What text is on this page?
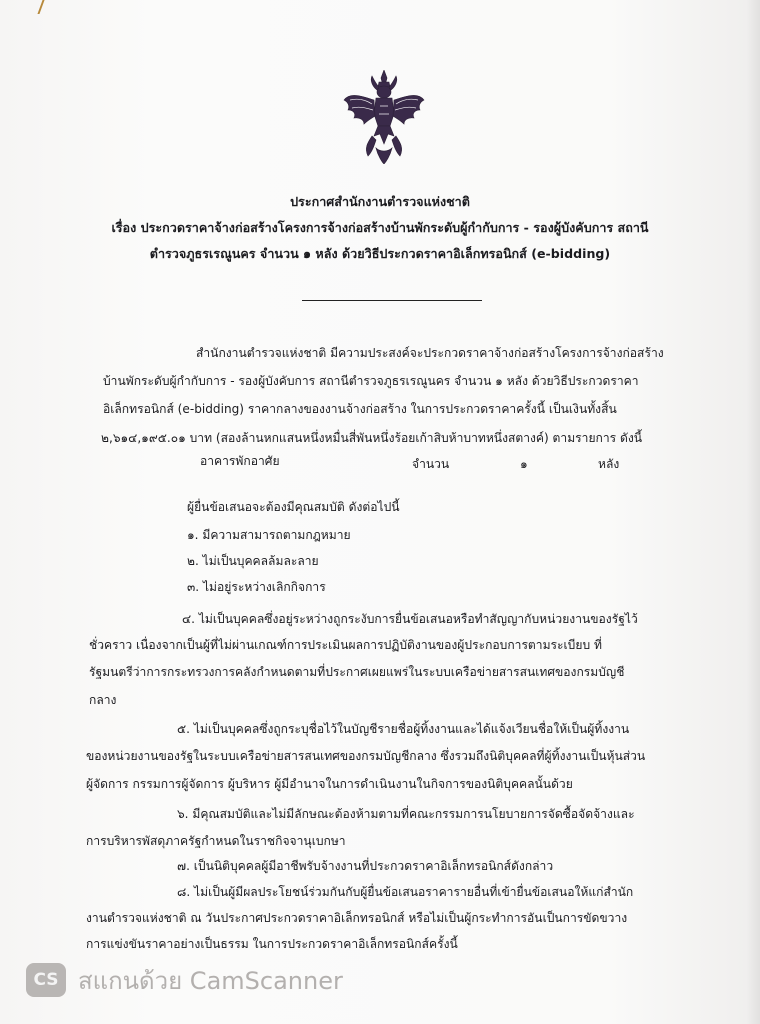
ประกาศสำนักงานตำรวจแห่งชาติ
เรื่อง ประกวดราคาจ้างก่อสร้างโครงการจ้างก่อสร้างบ้านพักระดับผู้กำกับการ - รองผู้บังคับการ สถานี
ตำรวจภูธรเรณูนคร จำนวน ๑ หลัง ด้วยวิธีประกวดราคาอิเล็กทรอนิกส์ (e-bidding)
สำนักงานตำรวจแห่งชาติ มีความประสงค์จะประกวดราคาจ้างก่อสร้างโครงการจ้างก่อสร้าง
บ้านพักระดับผู้กำกับการ - รองผู้บังคับการ สถานีตำรวจภูธรเรณูนคร จำนวน ๑ หลัง ด้วยวิธีประกวดราคา
อิเล็กทรอนิกส์ (e-bidding) ราคากลางของงานจ้างก่อสร้าง ในการประกวดราคาครั้งนี้ เป็นเงินทั้งสิ้น
๒,๖๑๔,๑๙๕.๐๑ บาท (สองล้านหกแสนหนึ่งหมื่นสี่พันหนึ่งร้อยเก้าสิบห้าบาทหนึ่งสตางค์) ตามรายการ ดังนี้
อาคารพักอาศัย	จำนวน	๑	หลัง
ผู้ยื่นข้อเสนอจะต้องมีคุณสมบัติ ดังต่อไปนี้
๑. มีความสามารถตามกฎหมาย
๒. ไม่เป็นบุคคลล้มละลาย
๓. ไม่อยู่ระหว่างเลิกกิจการ
๔. ไม่เป็นบุคคลซึ่งอยู่ระหว่างถูกระงับการยื่นข้อเสนอหรือทำสัญญากับหน่วยงานของรัฐไว้
ชั่วคราว เนื่องจากเป็นผู้ที่ไม่ผ่านเกณฑ์การประเมินผลการปฏิบัติงานของผู้ประกอบการตามระเบียบ ที่
รัฐมนตรีว่าการกระทรวงการคลังกำหนดตามที่ประกาศเผยแพร่ในระบบเครือข่ายสารสนเทศของกรมบัญชี
กลาง
๕. ไม่เป็นบุคคลซึ่งถูกระบุชื่อไว้ในบัญชีรายชื่อผู้ทิ้งงานและได้แจ้งเวียนชื่อให้เป็นผู้ทิ้งงาน
ของหน่วยงานของรัฐในระบบเครือข่ายสารสนเทศของกรมบัญชีกลาง ซึ่งรวมถึงนิติบุคคลที่ผู้ทิ้งงานเป็นหุ้นส่วน
ผู้จัดการ กรรมการผู้จัดการ ผู้บริหาร ผู้มีอำนาจในการดำเนินงานในกิจการของนิติบุคคลนั้นด้วย
๖. มีคุณสมบัติและไม่มีลักษณะต้องห้ามตามที่คณะกรรมการนโยบายการจัดซื้อจัดจ้างและ
การบริหารพัสดุภาครัฐกำหนดในราชกิจจานุเบกษา
๗. เป็นนิติบุคคลผู้มีอาชีพรับจ้างงานที่ประกวดราคาอิเล็กทรอนิกส์ดังกล่าว
๘. ไม่เป็นผู้มีผลประโยชน์ร่วมกันกับผู้ยื่นข้อเสนอราคารายอื่นที่เข้ายื่นข้อเสนอให้แก่สำนัก
งานตำรวจแห่งชาติ ณ วันประกาศประกวดราคาอิเล็กทรอนิกส์ หรือไม่เป็นผู้กระทำการอันเป็นการขัดขวาง
การแข่งขันราคาอย่างเป็นธรรม ในการประกวดราคาอิเล็กทรอนิกส์ครั้งนี้
CS สแกนด้วย CamScanner
